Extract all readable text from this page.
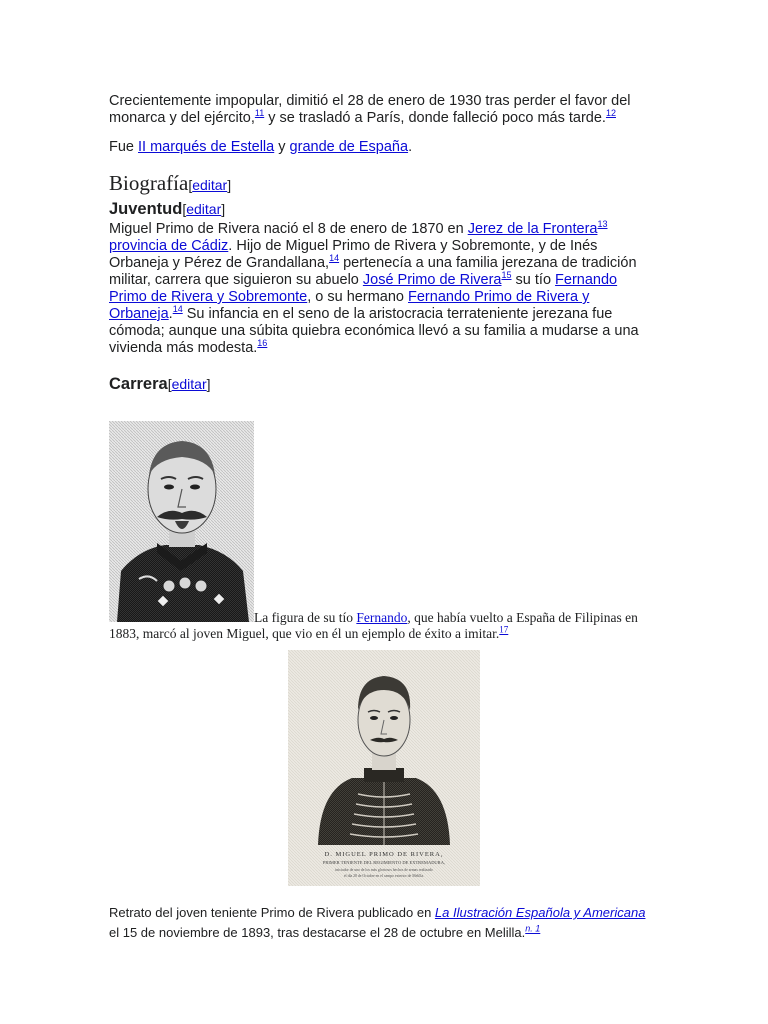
Crecientemente impopular, dimitió el 28 de enero de 1930 tras perder el favor del monarca y del ejército,$^{11}$ y se trasladó a París, donde falleció poco más tarde.$^{12}$

Fue II marqués de Estella y grande de España.

Biografía[editar]
Juventud[editar]

Miguel Primo de Rivera nació el 8 de enero de 1870 en Jerez de la Frontera$^{13}$ provincia de Cádiz. Hijo de Miguel Primo de Rivera y Sobremonte, y de Inés Orbaneja y Pérez de Grandallana,$^{14}$ pertenecía a una familia jerezana de tradición militar, carrera que siguieron su abuelo José Primo de Rivera$^{15}$ su tío Fernando Primo de Rivera y Sobremonte, o su hermano Fernando Primo de Rivera y Orbaneja.$^{14}$ Su infancia en el seno de la aristocracia terrateniente jerezana fue cómoda; aunque una súbita quiebra económica llevó a su familia a mudarse a una vivienda más modesta.$^{16}$

Carrera[editar]

La figura de su tío Fernando, que había vuelto a España de Filipinas en 1883, marcó al joven Miguel, que vio en él un ejemplo de éxito a imitar.$^{17}$

D. MIGUEL PRIMO DE RIVERA,
PRIMER TENIENTE DEL REGIMIENTO DE EXTREMADURA,
iniciador de uno de los más gloriosos hechos de armas realizado
el día 28 de Octubre en el campo exterior de Melilla.

Retrato del joven teniente Primo de Rivera publicado en La Ilustración Española y Americana el 15 de noviembre de 1893, tras destacarse el 28 de octubre en Melilla.$^{n. 1}$
